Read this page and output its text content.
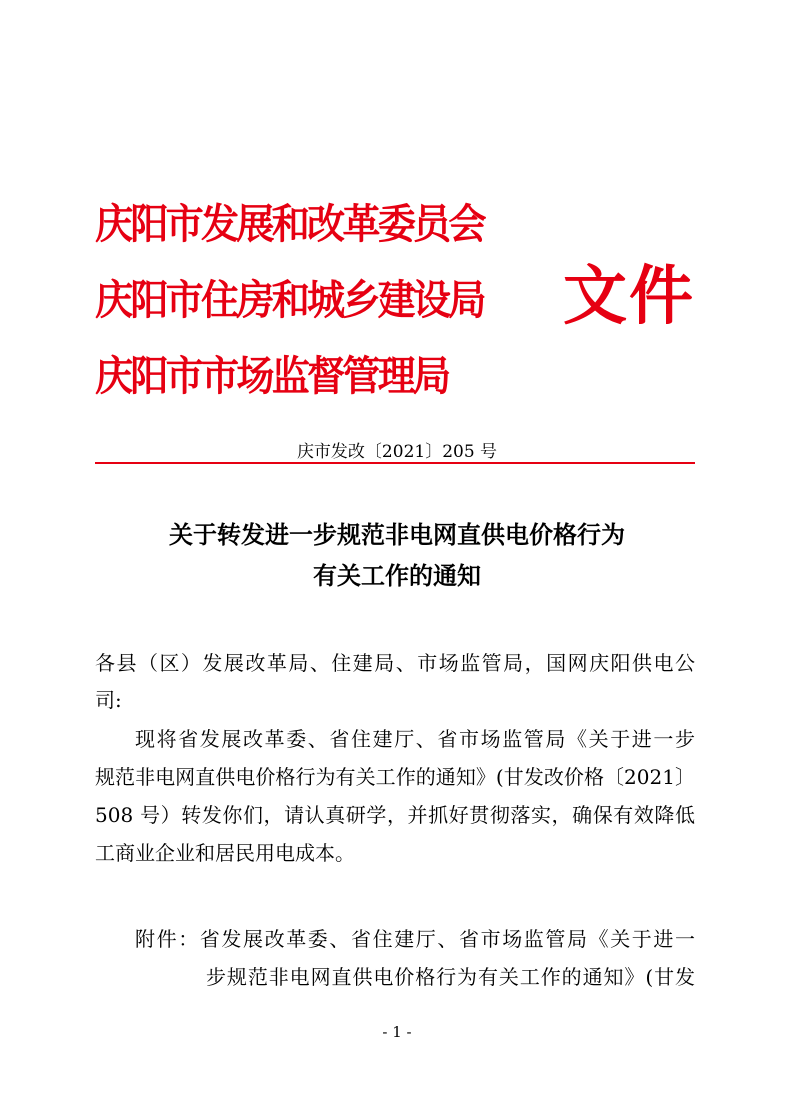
庆阳市发展和改革委员会
庆阳市住房和城乡建设局
庆阳市市场监督管理局
文件
庆市发改〔2021〕205 号
关于转发进一步规范非电网直供电价格行为
有关工作的通知
各县（区）发展改革局、住建局、市场监管局，国网庆阳供电公
司:
现将省发展改革委、省住建厅、省市场监管局《关于进一步
规范非电网直供电价格行为有关工作的通知》(甘发改价格〔2021〕
508 号）转发你们，请认真研学，并抓好贯彻落实，确保有效降低
工商业企业和居民用电成本。
附件：省发展改革委、省住建厅、省市场监管局《关于进一
步规范非电网直供电价格行为有关工作的通知》(甘发
- 1 -
